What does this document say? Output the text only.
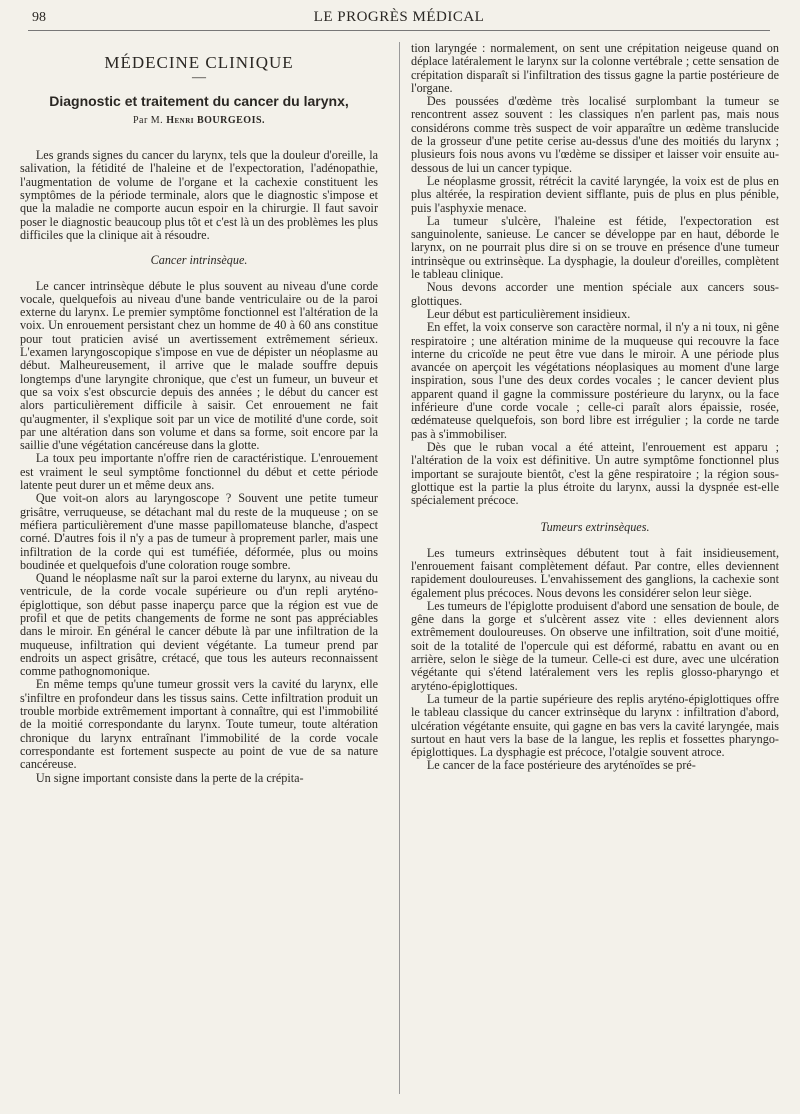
98	LE PROGRÈS MÉDICAL
MÉDECINE CLINIQUE
—
Diagnostic et traitement du cancer du larynx,
Par M. Henri BOURGEOIS.

Les grands signes du cancer du larynx, tels que la douleur d'oreille, la salivation, la fétidité de l'haleine et de l'expectoration, l'adénopathie, l'augmentation de volume de l'organe et la cachexie constituent les symptômes de la période terminale, alors que le diagnostic s'impose et que la maladie ne comporte aucun espoir en la chirurgie. Il faut savoir poser le diagnostic beaucoup plus tôt et c'est là un des problèmes les plus difficiles que la clinique ait à résoudre.

Cancer intrinsèque.

Le cancer intrinsèque débute le plus souvent au niveau d'une corde vocale, quelquefois au niveau d'une bande ventriculaire ou de la paroi externe du larynx. Le premier symptôme fonctionnel est l'altération de la voix. Un enrouement persistant chez un homme de 40 à 60 ans constitue pour tout praticien avisé un avertissement extrêmement sérieux. L'examen laryngoscopique s'impose en vue de dépister un néoplasme au début. Malheureusement, il arrive que le malade souffre depuis longtemps d'une laryngite chronique, que c'est un fumeur, un buveur et que sa voix s'est obscurcie depuis des années ; le début du cancer est alors particulièrement difficile à saisir. Cet enrouement ne fait qu'augmenter, il s'explique soit par un vice de motilité d'une corde, soit par une altération dans son volume et dans sa forme, soit encore par la saillie d'une végétation cancéreuse dans la glotte.

La toux peu importante n'offre rien de caractéristique. L'enrouement est vraiment le seul symptôme fonctionnel du début et cette période latente peut durer un et même deux ans.

Que voit-on alors au laryngoscope ? Souvent une petite tumeur grisâtre, verruqueuse, se détachant mal du reste de la muqueuse ; on se méfiera particulièrement d'une masse papillomateuse blanche, d'aspect corné. D'autres fois il n'y a pas de tumeur à proprement parler, mais une infiltration de la corde qui est tuméfiée, déformée, plus ou moins boudinée et quelquefois d'une coloration rouge sombre.

Quand le néoplasme naît sur la paroi externe du larynx, au niveau du ventricule, de la corde vocale supérieure ou d'un repli aryténo-épiglottique, son début passe inaperçu parce que la région est vue de profil et que de petits changements de forme ne sont pas appréciables dans le miroir. En général le cancer débute là par une infiltration de la muqueuse, infiltration qui devient végétante. La tumeur prend par endroits un aspect grisâtre, crétacé, que tous les auteurs reconnaissent comme pathognomonique.

En même temps qu'une tumeur grossit vers la cavité du larynx, elle s'infiltre en profondeur dans les tissus sains. Cette infiltration produit un trouble morbide extrêmement important à connaître, qui est l'immobilité de la moitié correspondante du larynx. Toute tumeur, toute altération chronique du larynx entraînant l'immobilité de la corde vocale correspondante est fortement suspecte au point de vue de sa nature cancéreuse.

Un signe important consiste dans la perte de la crépita-

tion laryngée : normalement, on sent une crépitation neigeuse quand on déplace latéralement le larynx sur la colonne vertébrale ; cette sensation de crépitation disparaît si l'infiltration des tissus gagne la partie postérieure de l'organe.

Des poussées d'œdème très localisé surplombant la tumeur se rencontrent assez souvent : les classiques n'en parlent pas, mais nous considérons comme très suspect de voir apparaître un œdème translucide de la grosseur d'une petite cerise au-dessus d'une des moitiés du larynx ; plusieurs fois nous avons vu l'œdème se dissiper et laisser voir ensuite au-dessous de lui un cancer typique.

Le néoplasme grossit, rétrécit la cavité laryngée, la voix est de plus en plus altérée, la respiration devient sifflante, puis de plus en plus pénible, puis l'asphyxie menace.

La tumeur s'ulcère, l'haleine est fétide, l'expectoration est sanguinolente, sanieuse. Le cancer se développe par en haut, déborde le larynx, on ne pourrait plus dire si on se trouve en présence d'une tumeur intrinsèque ou extrinsèque. La dysphagie, la douleur d'oreilles, complètent le tableau clinique.

Nous devons accorder une mention spéciale aux cancers sous-glottiques.

Leur début est particulièrement insidieux.

En effet, la voix conserve son caractère normal, il n'y a ni toux, ni gêne respiratoire ; une altération minime de la muqueuse qui recouvre la face interne du cricoïde ne peut être vue dans le miroir. A une période plus avancée on aperçoit les végétations néoplasiques au moment d'une large inspiration, sous l'une des deux cordes vocales ; le cancer devient plus apparent quand il gagne la commissure postérieure du larynx, ou la face inférieure d'une corde vocale ; celle-ci paraît alors épaissie, rosée, œdémateuse quelquefois, son bord libre est irrégulier ; la corde ne tarde pas à s'immobiliser.

Dès que le ruban vocal a été atteint, l'enrouement est apparu ; l'altération de la voix est définitive. Un autre symptôme fonctionnel plus important se surajoute bientôt, c'est la gêne respiratoire ; la région sous-glottique est la partie la plus étroite du larynx, aussi la dyspnée est-elle spécialement précoce.

Tumeurs extrinsèques.

Les tumeurs extrinsèques débutent tout à fait insidieusement, l'enrouement faisant complètement défaut. Par contre, elles deviennent rapidement douloureuses. L'envahissement des ganglions, la cachexie sont également plus précoces. Nous devons les considérer selon leur siège.

Les tumeurs de l'épiglotte produisent d'abord une sensation de boule, de gêne dans la gorge et s'ulcèrent assez vite : elles deviennent alors extrêmement douloureuses. On observe une infiltration, soit d'une moitié, soit de la totalité de l'opercule qui est déformé, rabattu en avant ou en arrière, selon le siège de la tumeur. Celle-ci est dure, avec une ulcération végétante qui s'étend latéralement vers les replis glosso-pharyngo et aryténo-épiglottiques.

La tumeur de la partie supérieure des replis aryténo-épiglottiques offre le tableau classique du cancer extrinsèque du larynx : infiltration d'abord, ulcération végétante ensuite, qui gagne en bas vers la cavité laryngée, mais surtout en haut vers la base de la langue, les replis et fossettes pharyngo-épiglottiques. La dysphagie est précoce, l'otalgie souvent atroce.

Le cancer de la face postérieure des aryténoïdes se pré-
